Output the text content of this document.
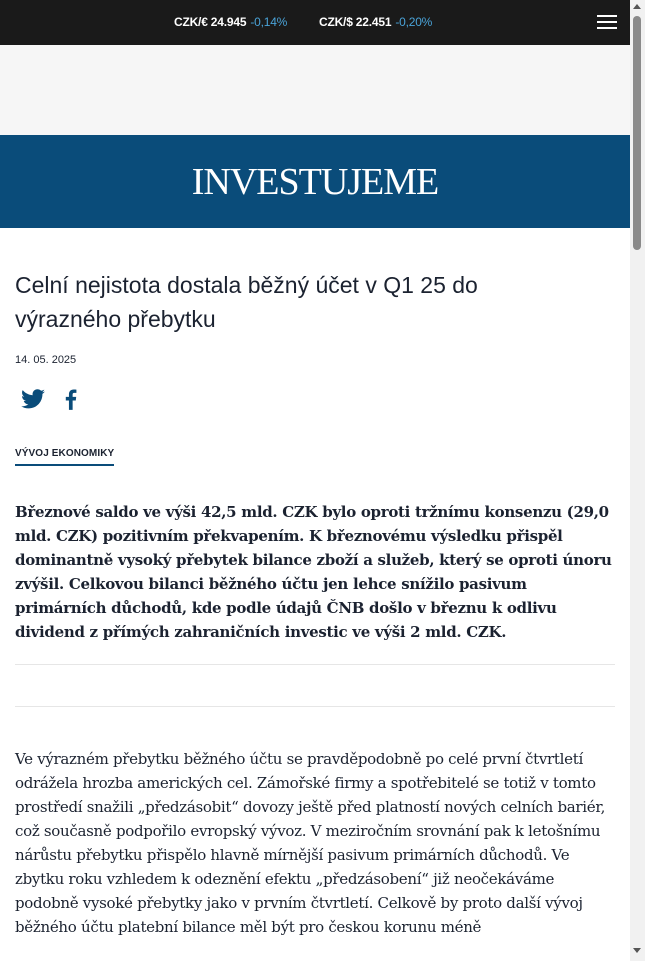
CZK/€ 24.945 -0,14%	CZK/$ 22.451 -0,20%
INVESTUJEME
Celní nejistota dostala běžný účet v Q1 25 do výrazného přebytku
14. 05. 2025
VÝVOJ EKONOMIKY

Březnové saldo ve výši 42,5 mld. CZK bylo oproti tržnímu konsenzu (29,0 mld. CZK) pozitivním překvapením. K březnovému výsledku přispěl dominantně vysoký přebytek bilance zboží a služeb, který se oproti únoru zvýšil. Celkovou bilanci běžného účtu jen lehce snížilo pasivum primárních důchodů, kde podle údajů ČNB došlo v březnu k odlivu dividend z přímých zahraničních investic ve výši 2 mld. CZK.

Ve výrazném přebytku běžného účtu se pravděpodobně po celé první čtvrtletí odrážela hrozba amerických cel. Zámořské firmy a spotřebitelé se totiž v tomto prostředí snažili „předzásobit“ dovozy ještě před platností nových celních bariér, což současně podpořilo evropský vývoz. V meziročním srovnání pak k letošnímu nárůstu přebytku přispělo hlavně mírnější pasivum primárních důchodů. Ve zbytku roku vzhledem k odeznění efektu „předzásobení“ již neočekáváme podobně vysoké přebytky jako v prvním čtvrtletí. Celkově by proto další vývoj běžného účtu platební bilance měl být pro českou korunu méně
